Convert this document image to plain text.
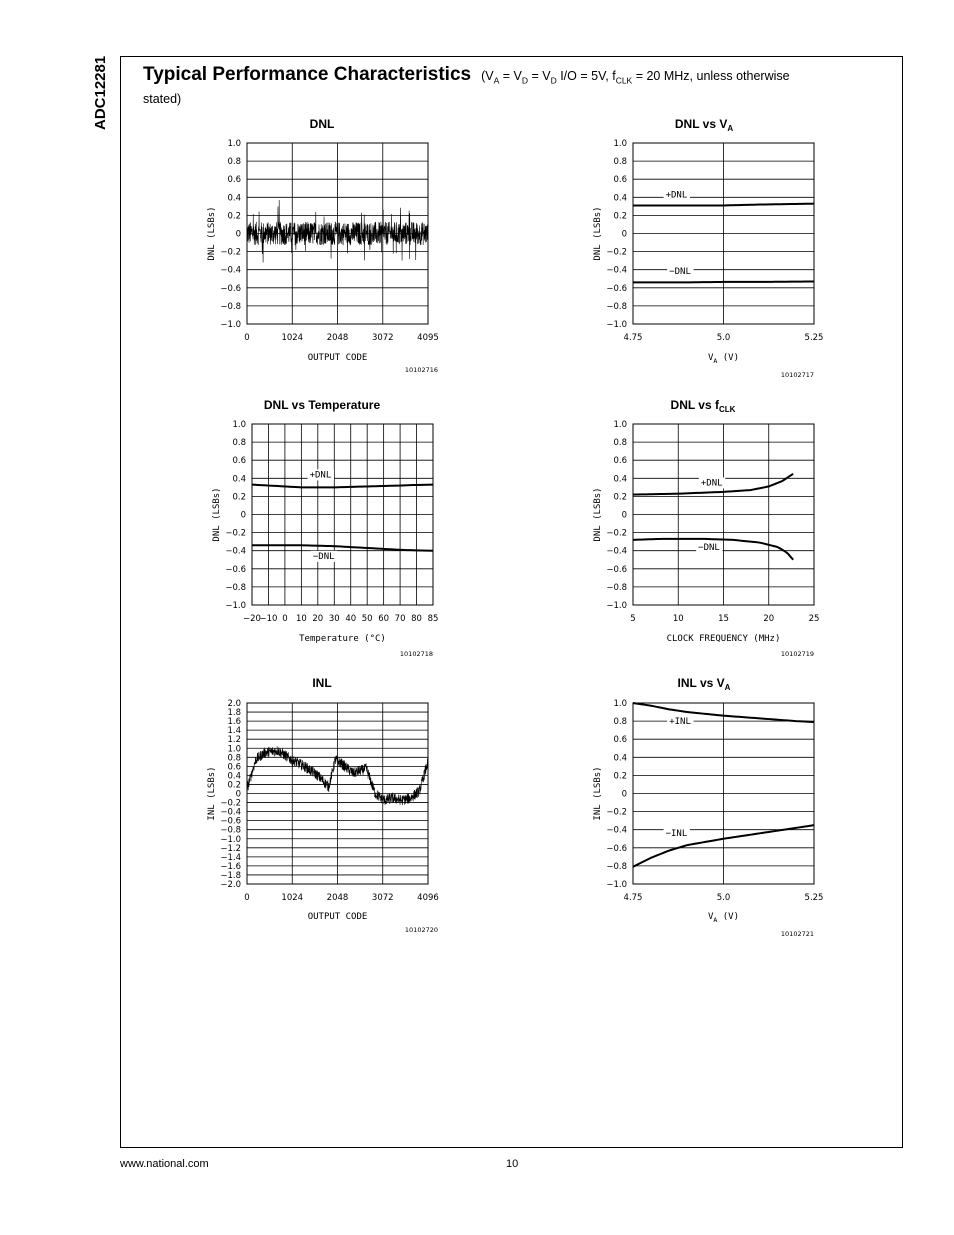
ADC12281 Typical Performance Characteristics ($V_A = V_D = V_D$ I/O = 5V, $f_{CLK} = 20$ MHz, unless otherwise
stated)
DNL
1.0
0.8
0.6
0.4
0.2
0
−0.2
−0.4
−0.6
−0.8
−1.0
0	1024	2048	3072	4095
DNL (LSBs)
OUTPUT CODE
10102716
DNL vs $V_A$
1.0
0.8
0.6
0.4
0.2
0
−0.2
−0.4
−0.6
−0.8
−1.0
4.75	5.0	5.25
DNL (LSBs)
$V_A$ (V)
10102717
+DNL
−DNL
DNL vs Temperature
1.0
0.8
0.6
0.4
0.2
0
−0.2
−0.4
−0.6
−0.8
−1.0
−20
−10 0 10 20 30 40 50 60 70 80 85
DNL (LSBs)
Temperature (°C)
10102718
+DNL
−DNL
DNL vs $f_{CLK}$
1.0
0.8
0.6
0.4
0.2
0
−0.2
−0.4
−0.6
−0.8
−1.0
5	10	15	20	25
DNL (LSBs)
CLOCK FREQUENCY (MHz)
10102719
+DNL
−DNL
INL
2.0
1.8
1.6
1.4
1.2
1.0
0.8
0.6
0.4
0.2
0
−0.2
−0.4
−0.6
−0.8
−1.0
−1.2
−1.4
−1.6
−1.8
−2.0
0	1024	2048	3072	4096
INL (LSBs)
OUTPUT CODE
10102720
INL vs $V_A$
1.0
0.8
0.6
0.4
0.2
0
−0.2
−0.4
−0.6
−0.8
−1.0
4.75	5.0	5.25
INL (LSBs)
$V_A$ (V)
10102721
+INL
−INL
www.national.com	10
